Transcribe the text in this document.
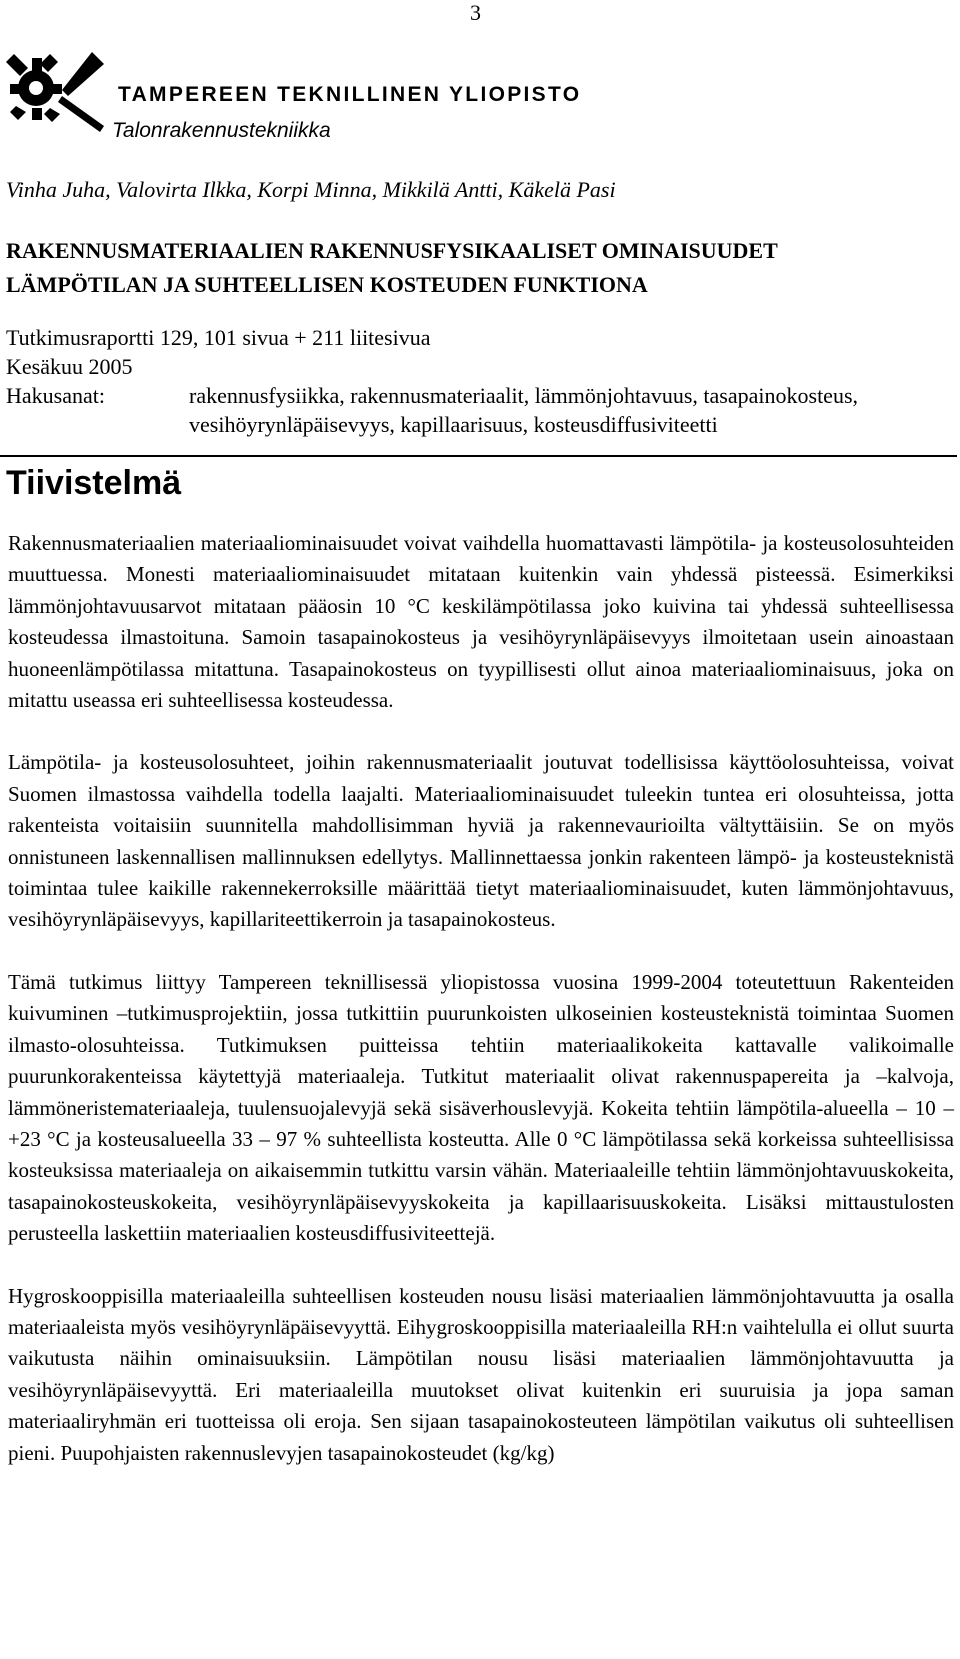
3
TAMPEREEN TEKNILLINEN YLIOPISTO
Talonrakennustekniikka
Vinha Juha, Valovirta Ilkka, Korpi Minna, Mikkilä Antti, Käkelä Pasi
RAKENNUSMATERIAALIEN RAKENNUSFYSIKAALISET OMINAISUUDET
LÄMPÖTILAN JA SUHTEELLISEN KOSTEUDEN FUNKTIONA
Tutkimusraportti 129, 101 sivua + 211 liitesivua
Kesäkuu 2005
Hakusanat:	rakennusfysiikka, rakennusmateriaalit, lämmönjohtavuus, tasapainokosteus, vesihöyrynläpäisevyys, kapillaarisuus, kosteusdiffusiviteetti
Tiivistelmä

Rakennusmateriaalien materiaaliominaisuudet voivat vaihdella huomattavasti lämpötila- ja kosteusolosuhteiden muuttuessa. Monesti materiaaliominaisuudet mitataan kuitenkin vain yhdessä pisteessä. Esimerkiksi lämmönjohtavuusarvot mitataan pääosin 10 °C keskilämpötilassa joko kuivina tai yhdessä suhteellisessa kosteudessa ilmastoituna. Samoin tasapainokosteus ja vesihöyrynläpäisevyys ilmoitetaan usein ainoastaan huoneenlämpötilassa mitattuna. Tasapainokosteus on tyypillisesti ollut ainoa materiaaliominaisuus, joka on mitattu useassa eri suhteellisessa kosteudessa.

Lämpötila- ja kosteusolosuhteet, joihin rakennusmateriaalit joutuvat todellisissa käyttöolosuhteissa, voivat Suomen ilmastossa vaihdella todella laajalti. Materiaaliominaisuudet tuleekin tuntea eri olosuhteissa, jotta rakenteista voitaisiin suunnitella mahdollisimman hyviä ja rakennevaurioilta vältyttäisiin. Se on myös onnistuneen laskennallisen mallinnuksen edellytys. Mallinnettaessa jonkin rakenteen lämpö- ja kosteusteknistä toimintaa tulee kaikille rakennekerroksille määrittää tietyt materiaaliominaisuudet, kuten lämmönjohtavuus, vesihöyrynläpäisevyys, kapillariteettikerroin ja tasapainokosteus.

Tämä tutkimus liittyy Tampereen teknillisessä yliopistossa vuosina 1999-2004 toteutettuun Rakenteiden kuivuminen –tutkimusprojektiin, jossa tutkittiin puurunkoisten ulkoseinien kosteusteknistä toimintaa Suomen ilmasto-olosuhteissa. Tutkimuksen puitteissa tehtiin materiaalikokeita kattavalle valikoimalle puurunkorakenteissa käytettyjä materiaaleja. Tutkitut materiaalit olivat rakennuspapereita ja –kalvoja, lämmöneristemateriaaleja, tuulensuojalevyjä sekä sisäverhouslevyjä. Kokeita tehtiin lämpötila-alueella – 10 – +23 °C ja kosteusalueella 33 – 97 % suhteellista kosteutta. Alle 0 °C lämpötilassa sekä korkeissa suhteellisissa kosteuksissa materiaaleja on aikaisemmin tutkittu varsin vähän. Materiaaleille tehtiin lämmönjohtavuuskokeita, tasapainokosteuskokeita, vesihöyrynläpäisevyyskokeita ja kapillaarisuuskokeita. Lisäksi mittaustulosten perusteella laskettiin materiaalien kosteusdiffusiviteettejä.

Hygroskooppisilla materiaaleilla suhteellisen kosteuden nousu lisäsi materiaalien lämmönjohtavuutta ja osalla materiaaleista myös vesihöyrynläpäisevyyttä. Eihygroskooppisilla materiaaleilla RH:n vaihtelulla ei ollut suurta vaikutusta näihin ominaisuuksiin. Lämpötilan nousu lisäsi materiaalien lämmönjohtavuutta ja vesihöyrynläpäisevyyttä. Eri materiaaleilla muutokset olivat kuitenkin eri suuruisia ja jopa saman materiaaliryhmän eri tuotteissa oli eroja. Sen sijaan tasapainokosteuteen lämpötilan vaikutus oli suhteellisen pieni. Puupohjaisten rakennuslevyjen tasapainokosteudet (kg/kg)
